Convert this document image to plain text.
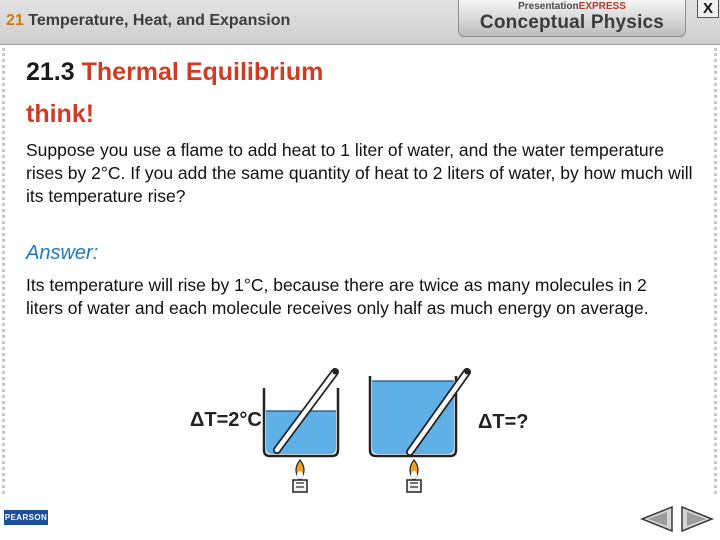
21 Temperature, Heat, and Expansion
PresentationEXPRESS
Conceptual Physics
X
21.3 Thermal Equilibrium
think!
Suppose you use a flame to add heat to 1 liter of water, and the water temperature rises by 2°C. If you add the same quantity of heat to 2 liters of water, by how much will its temperature rise?
Answer:
Its temperature will rise by 1°C, because there are twice as many molecules in 2 liters of water and each molecule receives only half as much energy on average.
ΔT=2°C	ΔT=?
PEARSON
